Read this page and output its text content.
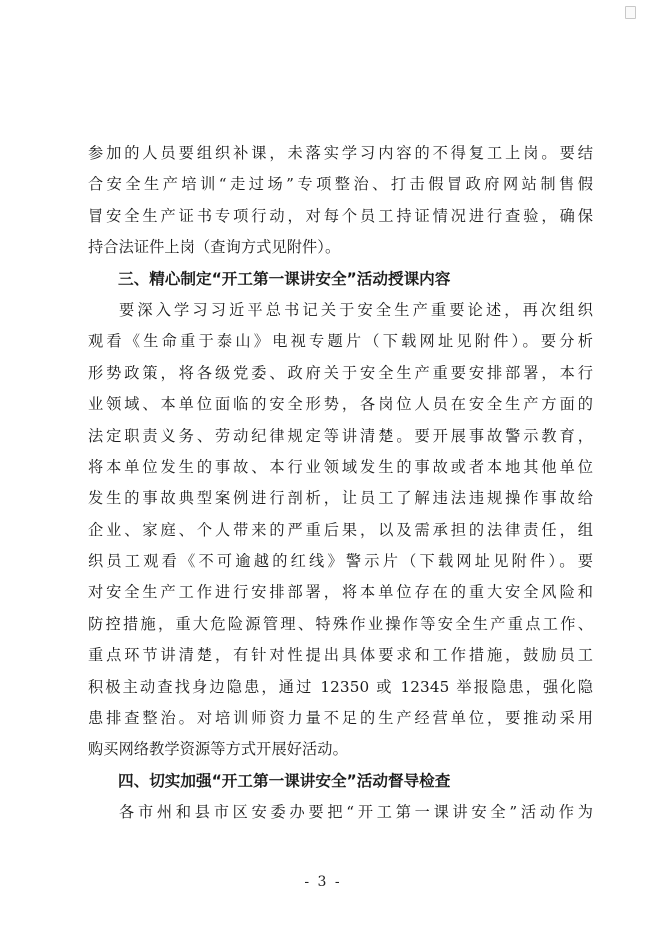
参加的人员要组织补课，未落实学习内容的不得复工上岗。要结
合安全生产培训“走过场”专项整治、打击假冒政府网站制售假
冒安全生产证书专项行动，对每个员工持证情况进行查验，确保
持合法证件上岗（查询方式见附件）。
三、精心制定“开工第一课讲安全”活动授课内容
要深入学习习近平总书记关于安全生产重要论述，再次组织
观看《生命重于泰山》电视专题片（下载网址见附件）。要分析
形势政策，将各级党委、政府关于安全生产重要安排部署，本行
业领域、本单位面临的安全形势，各岗位人员在安全生产方面的
法定职责义务、劳动纪律规定等讲清楚。要开展事故警示教育，
将本单位发生的事故、本行业领域发生的事故或者本地其他单位
发生的事故典型案例进行剖析，让员工了解违法违规操作事故给
企业、家庭、个人带来的严重后果，以及需承担的法律责任，组
织员工观看《不可逾越的红线》警示片（下载网址见附件）。要
对安全生产工作进行安排部署，将本单位存在的重大安全风险和
防控措施，重大危险源管理、特殊作业操作等安全生产重点工作、
重点环节讲清楚，有针对性提出具体要求和工作措施，鼓励员工
积极主动查找身边隐患，通过 12350 或 12345 举报隐患，强化隐
患排查整治。对培训师资力量不足的生产经营单位，要推动采用
购买网络教学资源等方式开展好活动。
四、切实加强“开工第一课讲安全”活动督导检查
各市州和县市区安委办要把“开工第一课讲安全”活动作为
- 3 -
